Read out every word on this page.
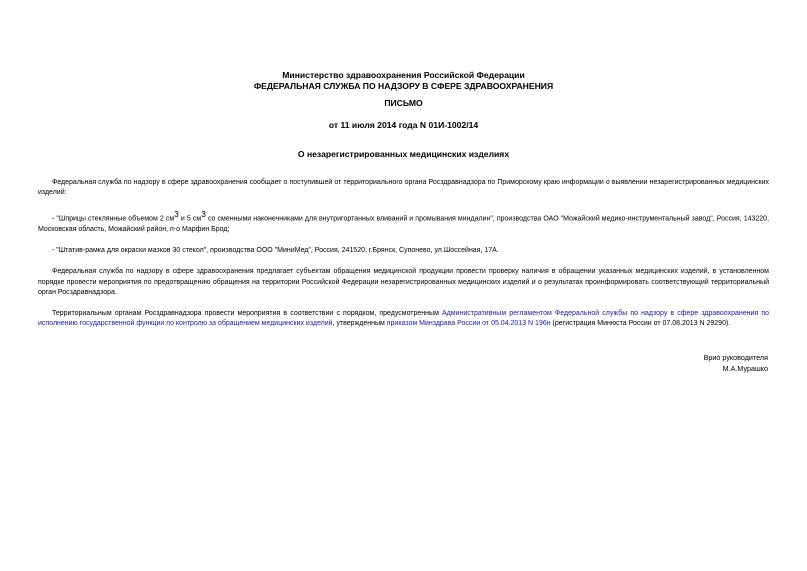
Министерство здравоохранения Российской Федерации
ФЕДЕРАЛЬНАЯ СЛУЖБА ПО НАДЗОРУ В СФЕРЕ ЗДРАВООХРАНЕНИЯ
ПИСЬМО
от 11 июля 2014 года N 01И-1002/14
О незарегистрированных медицинских изделиях

Федеральная служба по надзору в сфере здравоохранения сообщает о поступившей от территориального органа Росздравнадзора по Приморскому краю информации о выявлении незарегистрированных медицинских изделий:

- "Шприцы стеклянные объемом 2 $см^3$ и 5 $см^3$ со сменными наконечниками для внутригортанных вливаний и промывания миндалин", производства ОАО "Можайский медико-инструментальный завод", Россия, 143220, Московская область, Можайский район, п-о Марфин Брод;

- "Штатив-рамка для окраски мазков 30 стекол", производства ООО "МиниМед", Россия, 241520, г.Брянск, Супонево, ул.Шоссейная, 17А.

Федеральная служба по надзору в сфере здравоохранения предлагает субъектам обращения медицинской продукции провести проверку наличия в обращении указанных медицинских изделий, в установленном порядке провести мероприятия по предотвращению обращения на территории Российской Федерации незарегистрированных медицинских изделий и о результатах проинформировать соответствующий территориальный орган Росздравнадзора.

Территориальным органам Росздравнадзора провести мероприятия в соответствии с порядком, предусмотренным Административным регламентом Федеральной службы по надзору в сфере здравоохранения по исполнению государственной функции по контролю за обращением медицинских изделий, утвержденным приказом Минздрава России от 05.04.2013 N 196н (регистрация Минюста России от 07.08.2013 N 29290).

Врио руководителя
М.А.Мурашко
